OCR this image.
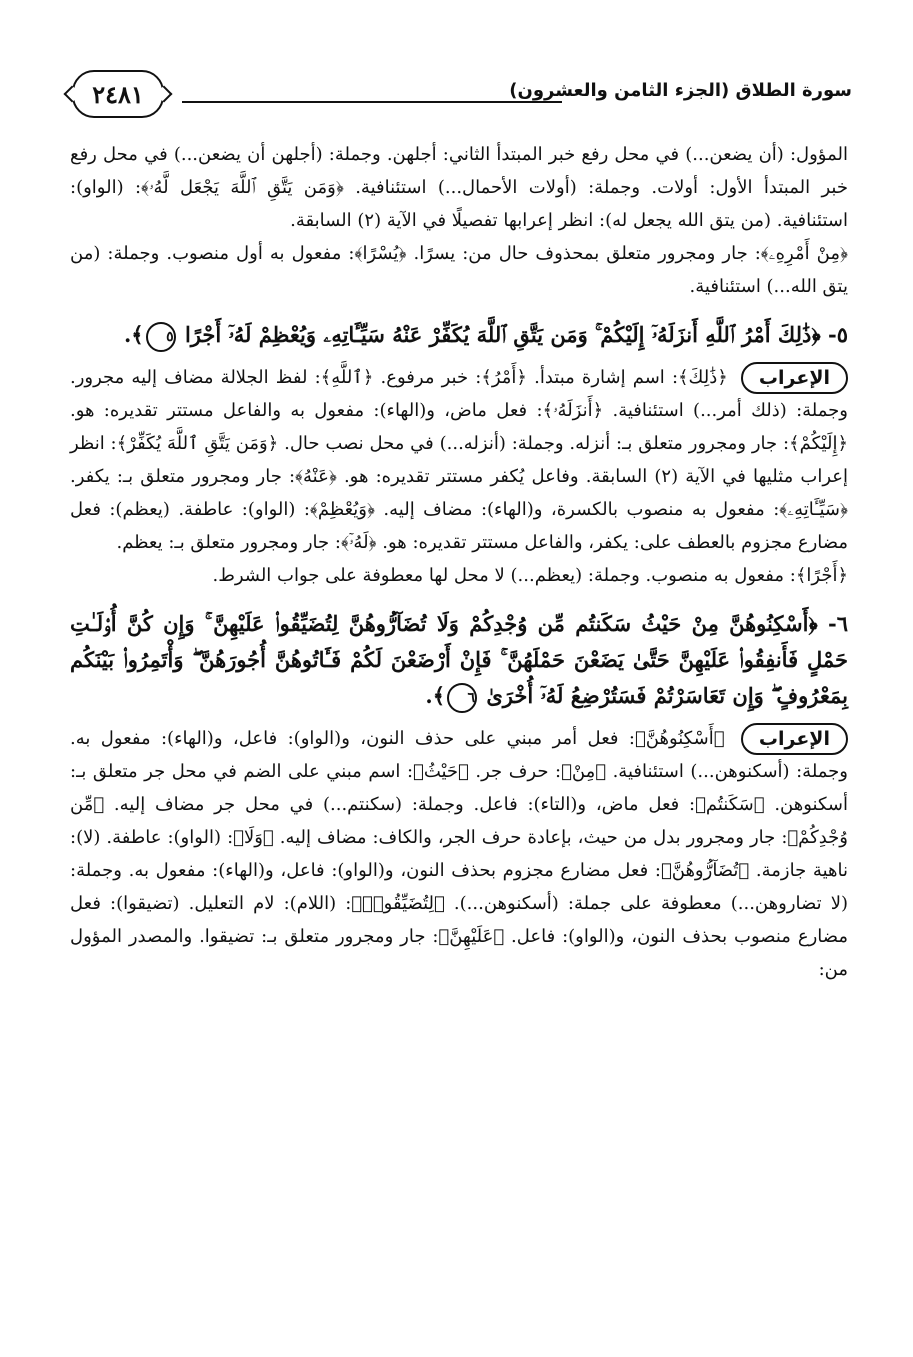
٢٤٨١	سورة الطلاق (الجزء الثامن والعشرون)

المؤول: (أن يضعن...) في محل رفع خبر المبتدأ الثاني: أجلهن. وجملة: (أجلهن أن يضعن...) في محل رفع خبر المبتدأ الأول: أولات. وجملة: (أولات الأحمال...) استئنافية. ﴿وَمَن يَتَّقِ ٱللَّهَ يَجْعَل لَّهُۥ﴾: (الواو): استئنافية. (من يتق الله يجعل له): انظر إعرابها تفصيلًا في الآية (٢) السابقة.

﴿مِنْ أَمْرِهِۦ﴾: جار ومجرور متعلق بمحذوف حال من: يسرًا. ﴿يُسْرًا﴾: مفعول به أول منصوب. وجملة: (من يتق الله...) استئنافية.

٥- ﴿ذَٰلِكَ أَمْرُ ٱللَّهِ أَنزَلَهُۥٓ إِلَيْكُمْ ۚ وَمَن يَتَّقِ ٱللَّهَ يُكَفِّرْ عَنْهُ سَيِّـَٔاتِهِۦ وَيُعْظِمْ لَهُۥٓ أَجْرًا ٥﴾.

الإعراب ﴿ذَٰلِكَ﴾: اسم إشارة مبتدأ. ﴿أَمْرُ﴾: خبر مرفوع. ﴿ٱللَّهِ﴾: لفظ الجلالة مضاف إليه مجرور. وجملة: (ذلك أمر...) استئنافية. ﴿أَنزَلَهُۥ﴾: فعل ماض، و(الهاء): مفعول به والفاعل مستتر تقديره: هو. ﴿إِلَيْكُمْ﴾: جار ومجرور متعلق بـ: أنزله. وجملة: (أنزله...) في محل نصب حال. ﴿وَمَن يَتَّقِ ٱللَّهَ يُكَفِّرْ﴾: انظر إعراب مثليها في الآية (٢) السابقة. وفاعل يُكفر مستتر تقديره: هو. ﴿عَنْهُ﴾: جار ومجرور متعلق بـ: يكفر. ﴿سَيِّـَٔاتِهِۦ﴾: مفعول به منصوب بالكسرة، و(الهاء): مضاف إليه. ﴿وَيُعْظِمْ﴾: (الواو): عاطفة. (يعظم): فعل مضارع مجزوم بالعطف على: يكفر، والفاعل مستتر تقديره: هو. ﴿لَهُۥٓ﴾: جار ومجرور متعلق بـ: يعظم.

﴿أَجْرًا﴾: مفعول به منصوب. وجملة: (يعظم...) لا محل لها معطوفة على جواب الشرط.

٦- ﴿أَسْكِنُوهُنَّ مِنْ حَيْثُ سَكَنتُم مِّن وُجْدِكُمْ وَلَا تُضَآرُّوهُنَّ لِتُضَيِّقُوا۟ عَلَيْهِنَّ ۚ وَإِن كُنَّ أُو۟لَـٰتِ حَمْلٍ فَأَنفِقُوا۟ عَلَيْهِنَّ حَتَّىٰ يَضَعْنَ حَمْلَهُنَّ ۚ فَإِنْ أَرْضَعْنَ لَكُمْ فَـَٔاتُوهُنَّ أُجُورَهُنَّ ۖ وَأْتَمِرُوا۟ بَيْنَكُم بِمَعْرُوفٍ ۖ وَإِن تَعَاسَرْتُمْ فَسَتُرْضِعُ لَهُۥٓ أُخْرَىٰ ٦﴾.

الإعراب ﴿أَسْكِنُوهُنَّ﴾: فعل أمر مبني على حذف النون، و(الواو): فاعل، و(الهاء): مفعول به. وجملة: (أسكنوهن...) استئنافية. ﴿مِنْ﴾: حرف جر. ﴿حَيْثُ﴾: اسم مبني على الضم في محل جر متعلق بـ: أسكنوهن. ﴿سَكَنتُم﴾: فعل ماض، و(التاء): فاعل. وجملة: (سكنتم...) في محل جر مضاف إليه. ﴿مِّن وُجْدِكُمْ﴾: جار ومجرور بدل من حيث، بإعادة حرف الجر، والكاف: مضاف إليه. ﴿وَلَا﴾: (الواو): عاطفة. (لا): ناهية جازمة. ﴿تُضَآرُّوهُنَّ﴾: فعل مضارع مجزوم بحذف النون، و(الواو): فاعل، و(الهاء): مفعول به. وجملة: (لا تضاروهن...) معطوفة على جملة: (أسكنوهن...). ﴿لِتُضَيِّقُوا۟﴾: (اللام): لام التعليل. (تضيقوا): فعل مضارع منصوب بحذف النون، و(الواو): فاعل. ﴿عَلَيْهِنَّ﴾: جار ومجرور متعلق بـ: تضيقوا. والمصدر المؤول من:
